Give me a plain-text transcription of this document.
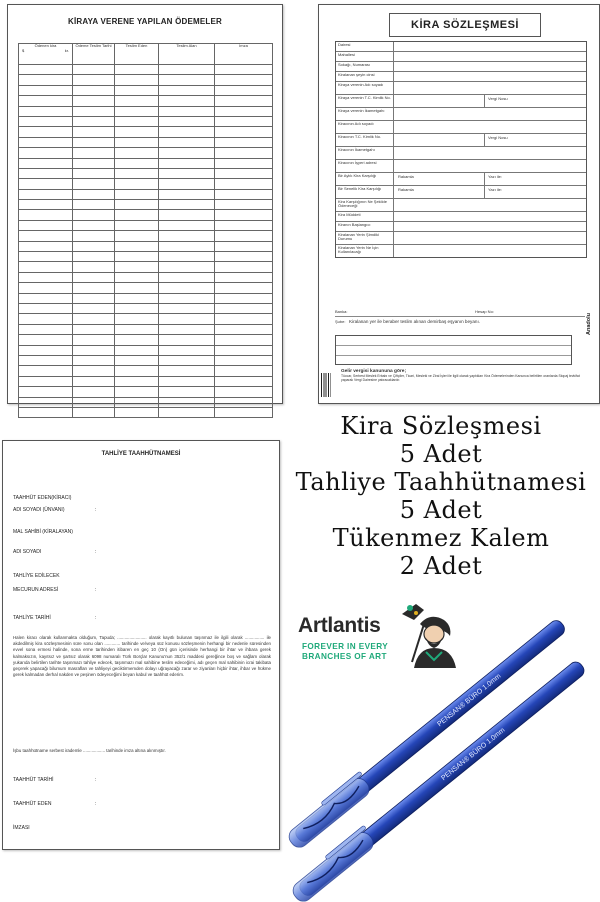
KİRAYA VERENE YAPILAN ÖDEMELER
Ödenen kira
$ kr.	Ödeme Teslim Tarihi	Teslim Eden	Teslim Alan	İmza

KİRA SÖZLEŞMESİ
Dairesi
Mahallesi
Sokağı, Numarası
Kiralanan şeyin cinsi
Kiraya verenin Adı soyadı
Kiraya verenin T.C. Kimlik No.	Vergi Nosu
Kiraya verenin İkametgahı
Kiracının Adı soyadı
Kiracının T.C. Kimlik No.	Vergi Nosu
Kiracının İkametgahı
Kiracının İşyeri adresi
Bir Aylık Kira Karşılığı	Rakamla	Yazı ile:
Bir Senelik Kira Karşılığı	Rakamla	Yazı ile:
Kira Karşılığının Ne Şekilde Ödeneceği
Kira Müddeti
Kiranın Başlangıcı
Kiralanan Yerin Şimdiki Durumu
Kiralanan Yerin Ne İçin Kullanılacağı
Banka:	Hesap No:
Şube: Kiralanan yer ile beraber teslim alınan demirbaş eşyanın beyanı.
Gelir vergisi kanununa göre;
Tüccar, Serbest Meslek Erbabı ve Çiftçiler, Ticari, Mesleki ve Zirai İşleri ile ilgili olarak yaptıkları Kira Ödemelerinden Kanunca belirtilen oranlarda Stopaj tevkifat yaparak Vergi Dairesine yatıracaklardır.
Anadolu
TAHLİYE TAAHHÜTNAMESİ
TAAHHÜT EDEN(KİRACI)
ADI SOYADI (ÜNVANI)	:
MAL SAHİBİ (KİRALAYAN)
ADI SOYADI	:
TAHLİYE EDİLECEK
MECURUN ADRESİ	:
TAHLİYE TARİHİ	:
Halen kiracı olarak kullanmakta olduğum, Tapuda; ........................ olarak kayıtlı bulunan taşınmaz ile ilgili olarak ................ ile akdedilmiş kira sözleşmesinin süre sonu olan ............. tarihinde ve/veya süz konusu sözleşmenin herhangi bir nedenle süresinden evvel sona ermesi halinde, sona erme tarihinden itibaren en geç 10 (On) gün içerisinde herhangi bir ihtar ve ihbara gerek kalmaksızın, kayıtsız ve şartsız olarak 6098 numaralı Türk Borçlar Kanunu'nun 352/1 maddesi gereğince boş ve sağlam olarak yukarıda belirtilen tarihte taşınmazı tahliye edecek, taşınmazı mal sahibine teslim edeceğimi, adı geçen mal sahibinin icrai takibata geçerek yapacağı bilumum masrafları ve tahliyeyi geciktirmemden dolayı uğrayacağı zarar ve ziyanları hiçbir ihtar, ihbar ve hükme gerek kalmadan derhal nakden ve peşinen ödeyeceğimi beyan kabul ve taahhüt ederim.
İşbu taahhütname serbest irademle .................. tarihinde imza altına alınmıştır.
TAAHHÜT TARİHİ	:
TAAHHÜT EDEN	:
İMZASI
Kira Sözleşmesi
5 Adet
Tahliye Taahhütnamesi
5 Adet
Tükenmez Kalem
2 Adet
Artlantis
FOREVER IN EVERY
BRANCHES OF ART
PENSAN® BÜRO 1.0mm
PENSAN® BÜRO 1.0mm
